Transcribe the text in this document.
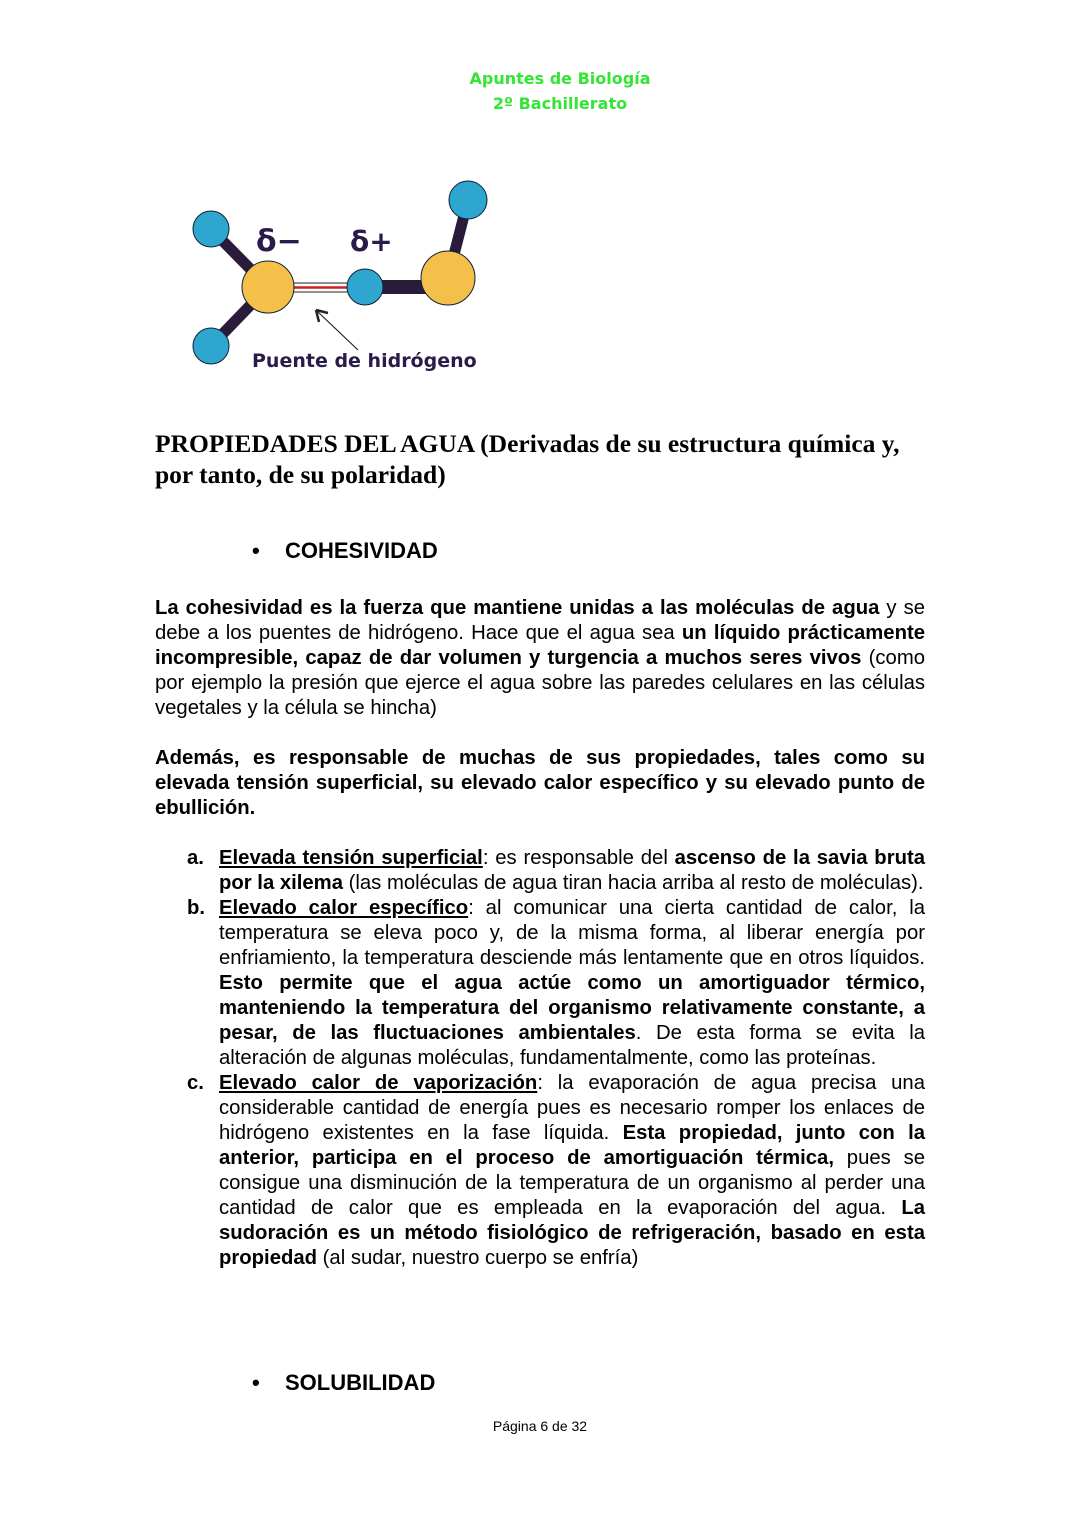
Apuntes de Biología
2º Bachillerato
δ− δ+
Puente de hidrógeno
PROPIEDADES DEL AGUA (Derivadas de su estructura química y, por tanto, de su polaridad)
• COHESIVIDAD
La cohesividad es la fuerza que mantiene unidas a las moléculas de agua y se debe a los puentes de hidrógeno. Hace que el agua sea un líquido prácticamente incompresible, capaz de dar volumen y turgencia a muchos seres vivos (como por ejemplo la presión que ejerce el agua sobre las paredes celulares en las células vegetales y la célula se hincha)
Además, es responsable de muchas de sus propiedades, tales como su elevada tensión superficial, su elevado calor específico y su elevado punto de ebullición.
a. Elevada tensión superficial: es responsable del ascenso de la savia bruta por la xilema (las moléculas de agua tiran hacia arriba al resto de moléculas).
b. Elevado calor específico: al comunicar una cierta cantidad de calor, la temperatura se eleva poco y, de la misma forma, al liberar energía por enfriamiento, la temperatura desciende más lentamente que en otros líquidos. Esto permite que el agua actúe como un amortiguador térmico, manteniendo la temperatura del organismo relativamente constante, a pesar, de las fluctuaciones ambientales. De esta forma se evita la alteración de algunas moléculas, fundamentalmente, como las proteínas.
c. Elevado calor de vaporización: la evaporación de agua precisa una considerable cantidad de energía pues es necesario romper los enlaces de hidrógeno existentes en la fase líquida. Esta propiedad, junto con la anterior, participa en el proceso de amortiguación térmica, pues se consigue una disminución de la temperatura de un organismo al perder una cantidad de calor que es empleada en la evaporación del agua. La sudoración es un método fisiológico de refrigeración, basado en esta propiedad (al sudar, nuestro cuerpo se enfría)
• SOLUBILIDAD
Página 6 de 32
